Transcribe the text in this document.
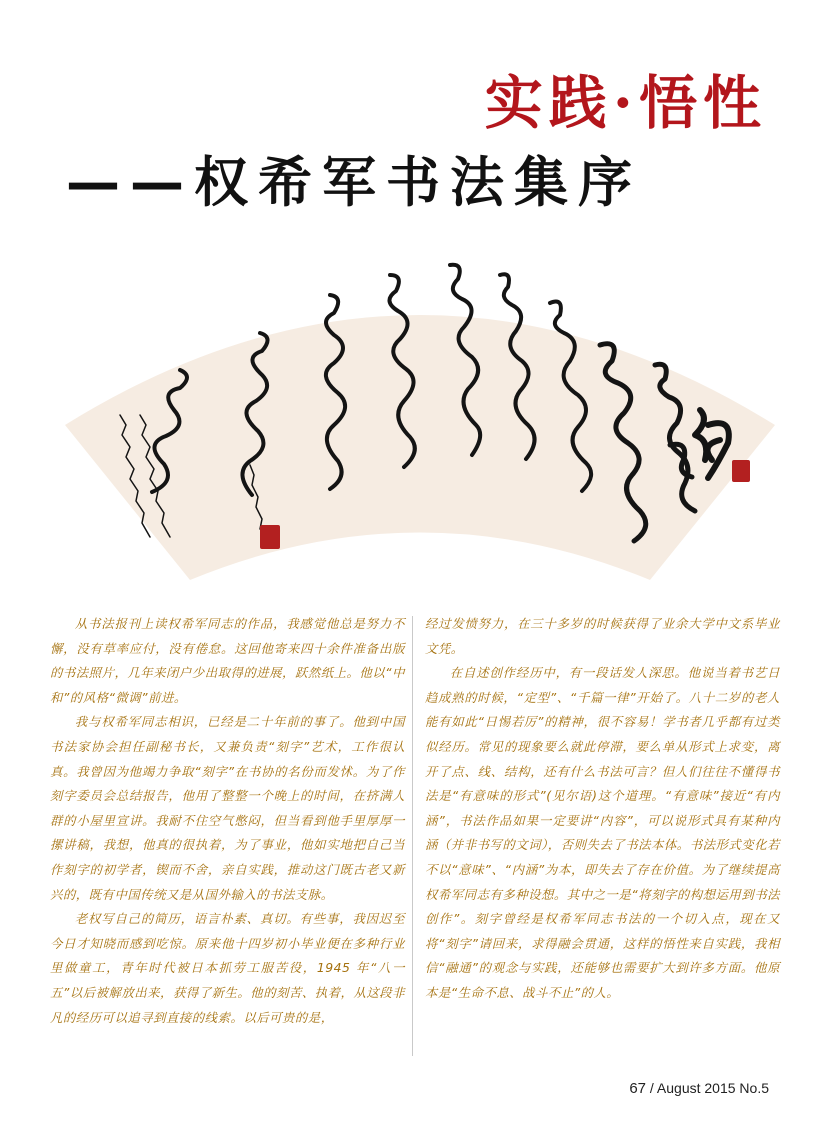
实践·悟性
——权希军书法集序

从书法报刊上读权希军同志的作品，我感觉他总是努力不懈，没有草率应付，没有倦怠。这回他寄来四十余件准备出版的书法照片，几年来闭户少出取得的进展，跃然纸上。他以“中和”的风格“微调”前进。

我与权希军同志相识，已经是二十年前的事了。他到中国书法家协会担任副秘书长，又兼负责“刻字”艺术，工作很认真。我曾因为他竭力争取“刻字”在书协的名份而发怵。为了作刻字委员会总结报告，他用了整整一个晚上的时间，在挤满人群的小屋里宣讲。我耐不住空气憋闷，但当看到他手里厚厚一摞讲稿，我想，他真的很执着，为了事业，他如实地把自己当作刻字的初学者，锲而不舍，亲自实践，推动这门既古老又新兴的，既有中国传统又是从国外输入的书法支脉。

老权写自己的简历，语言朴素、真切。有些事，我因迟至今日才知晓而感到吃惊。原来他十四岁初小毕业便在多种行业里做童工，青年时代被日本抓劳工服苦役，1945 年“八一五”以后被解放出来，获得了新生。他的刻苦、执着，从这段非凡的经历可以追寻到直接的线索。以后可贵的是，

经过发愤努力，在三十多岁的时候获得了业余大学中文系毕业文凭。

在自述创作经历中，有一段话发人深思。他说当着书艺日趋成熟的时候，“定型”、“千篇一律”开始了。八十二岁的老人能有如此“日惕若厉”的精神，很不容易！学书者几乎都有过类似经历。常见的现象要么就此停滞，要么单从形式上求变，离开了点、线、结构，还有什么书法可言？但人们往往不懂得书法是“有意味的形式”(见尔语)这个道理。“有意味”接近“有内涵”，书法作品如果一定要讲“内容”，可以说形式具有某种内涵（并非书写的文词），否则失去了书法本体。书法形式变化若不以“意味”、“内涵”为本，即失去了存在价值。为了继续提高权希军同志有多种设想。其中之一是“将刻字的构想运用到书法创作”。刻字曾经是权希军同志书法的一个切入点，现在又将“刻字”请回来，求得融会贯通，这样的悟性来自实践，我相信“融通”的观念与实践，还能够也需要扩大到许多方面。他原本是“生命不息、战斗不止”的人。

67 / August 2015 No.5
